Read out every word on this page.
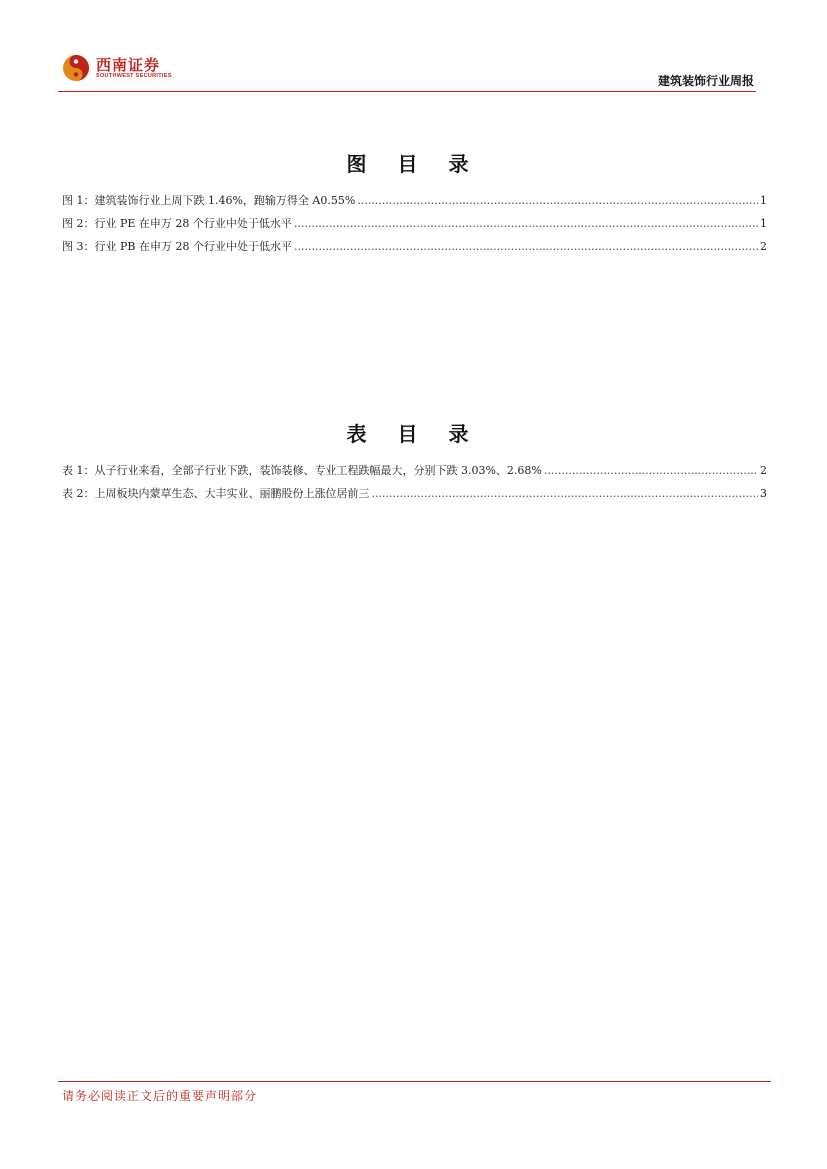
西南证券
SOUTHWEST SECURITIES	建筑装饰行业周报
图 目 录
图 1：建筑装饰行业上周下跌 1.46%，跑输万得全 A0.55% .....	1
图 2：行业 PE 在申万 28 个行业中处于低水平 .....	1
图 3：行业 PB 在申万 28 个行业中处于低水平 .....	2
表 目 录
表 1：从子行业来看，全部子行业下跌，装饰装修、专业工程跌幅最大，分别下跌 3.03%、2.68% .....	2
表 2：上周板块内蒙草生态、大丰实业、丽鹏股份上涨位居前三 .....	3
请务必阅读正文后的重要声明部分
